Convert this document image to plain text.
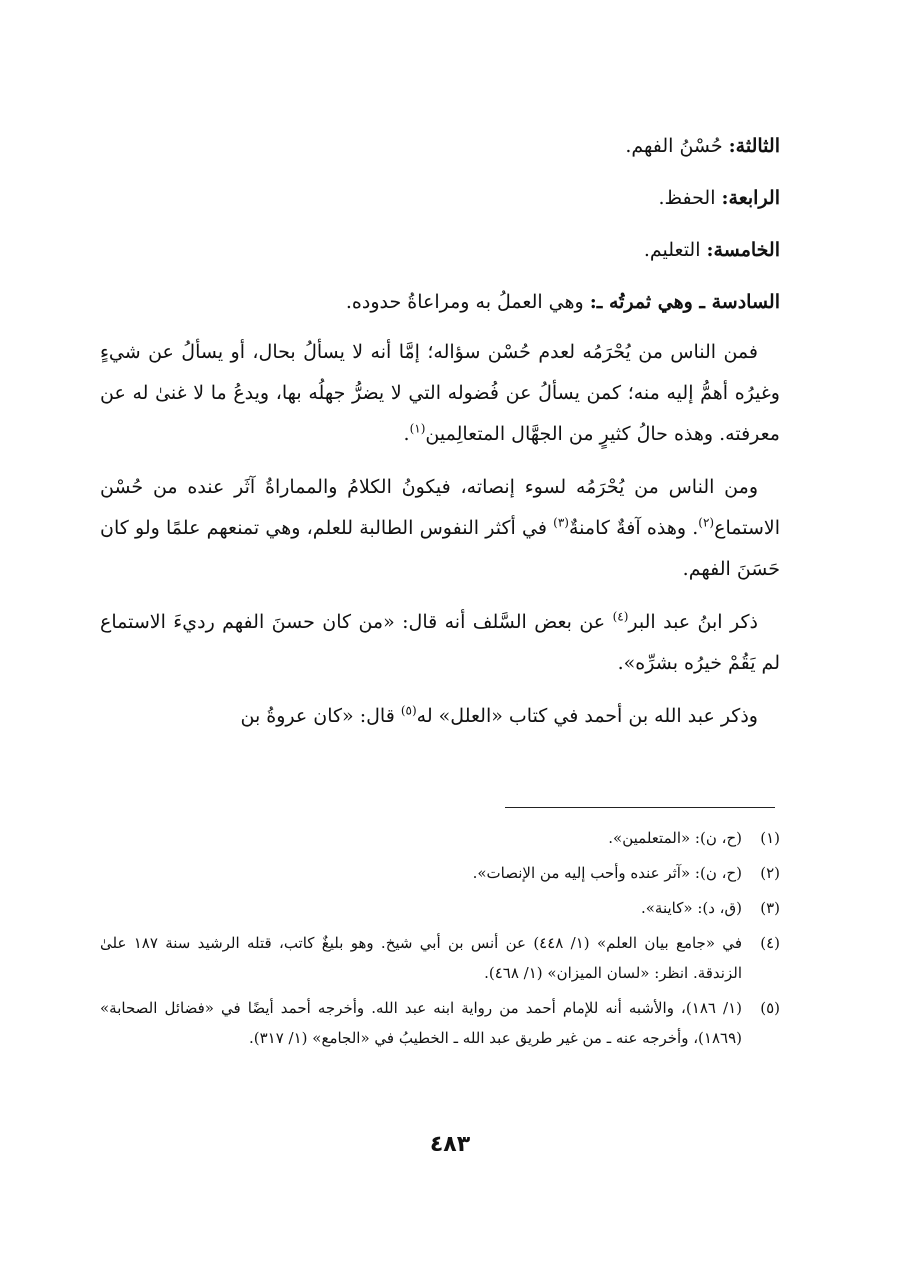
الثالثة: حُسْنُ الفهم.

الرابعة: الحفظ.

الخامسة: التعليم.

السادسة ـ وهي ثمرتُه ـ: وهي العملُ به ومراعاةُ حدوده.

فمن الناس من يُحْرَمُه لعدم حُسْن سؤاله؛ إمَّا أنه لا يسألُ بحال، أو يسألُ عن شيءٍ وغيرُه أهمُّ إليه منه؛ كمن يسألُ عن فُضوله التي لا يضرُّ جهلُه بها، ويدعُ ما لا غنىٰ له عن معرفته. وهذه حالُ كثيرٍ من الجهَّال المتعالِمين$^{(١)}$.

ومن الناس من يُحْرَمُه لسوء إنصاته، فيكونُ الكلامُ والمماراةُ آثَر عنده من حُسْن الاستماع$^{(٢)}$. وهذه آفةٌ كامنةٌ$^{(٣)}$ في أكثر النفوس الطالبة للعلم، وهي تمنعهم علمًا ولو كان حَسَنَ الفهم.

ذكر ابنُ عبد البر$^{(٤)}$ عن بعض السَّلف أنه قال: «من كان حسنَ الفهم رديءَ الاستماع لم يَقُمْ خيرُه بشرِّه».

وذكر عبد الله بن أحمد في كتاب «العلل» له$^{(٥)}$ قال: «كان عروةُ بن

(١)
(ح، ن): «المتعلمين».
(٢)
(ح، ن): «آثر عنده وأحب إليه من الإنصات».
(٣)
(ق، د): «كاينة».
(٤)
في «جامع بيان العلم» (١/ ٤٤٨) عن أنس بن أبي شيخ. وهو بليغٌ كاتب، قتله الرشيد سنة ١٨٧ علىٰ الزندقة. انظر: «لسان الميزان» (١/ ٤٦٨).
(٥)
(١/ ١٨٦)، والأشبه أنه للإمام أحمد من رواية ابنه عبد الله. وأخرجه أحمد أيضًا في «فضائل الصحابة» (١٨٦٩)، وأخرجه عنه ـ من غير طريق عبد الله ـ الخطيبُ في «الجامع» (١/ ٣١٧).
٤٨٣
